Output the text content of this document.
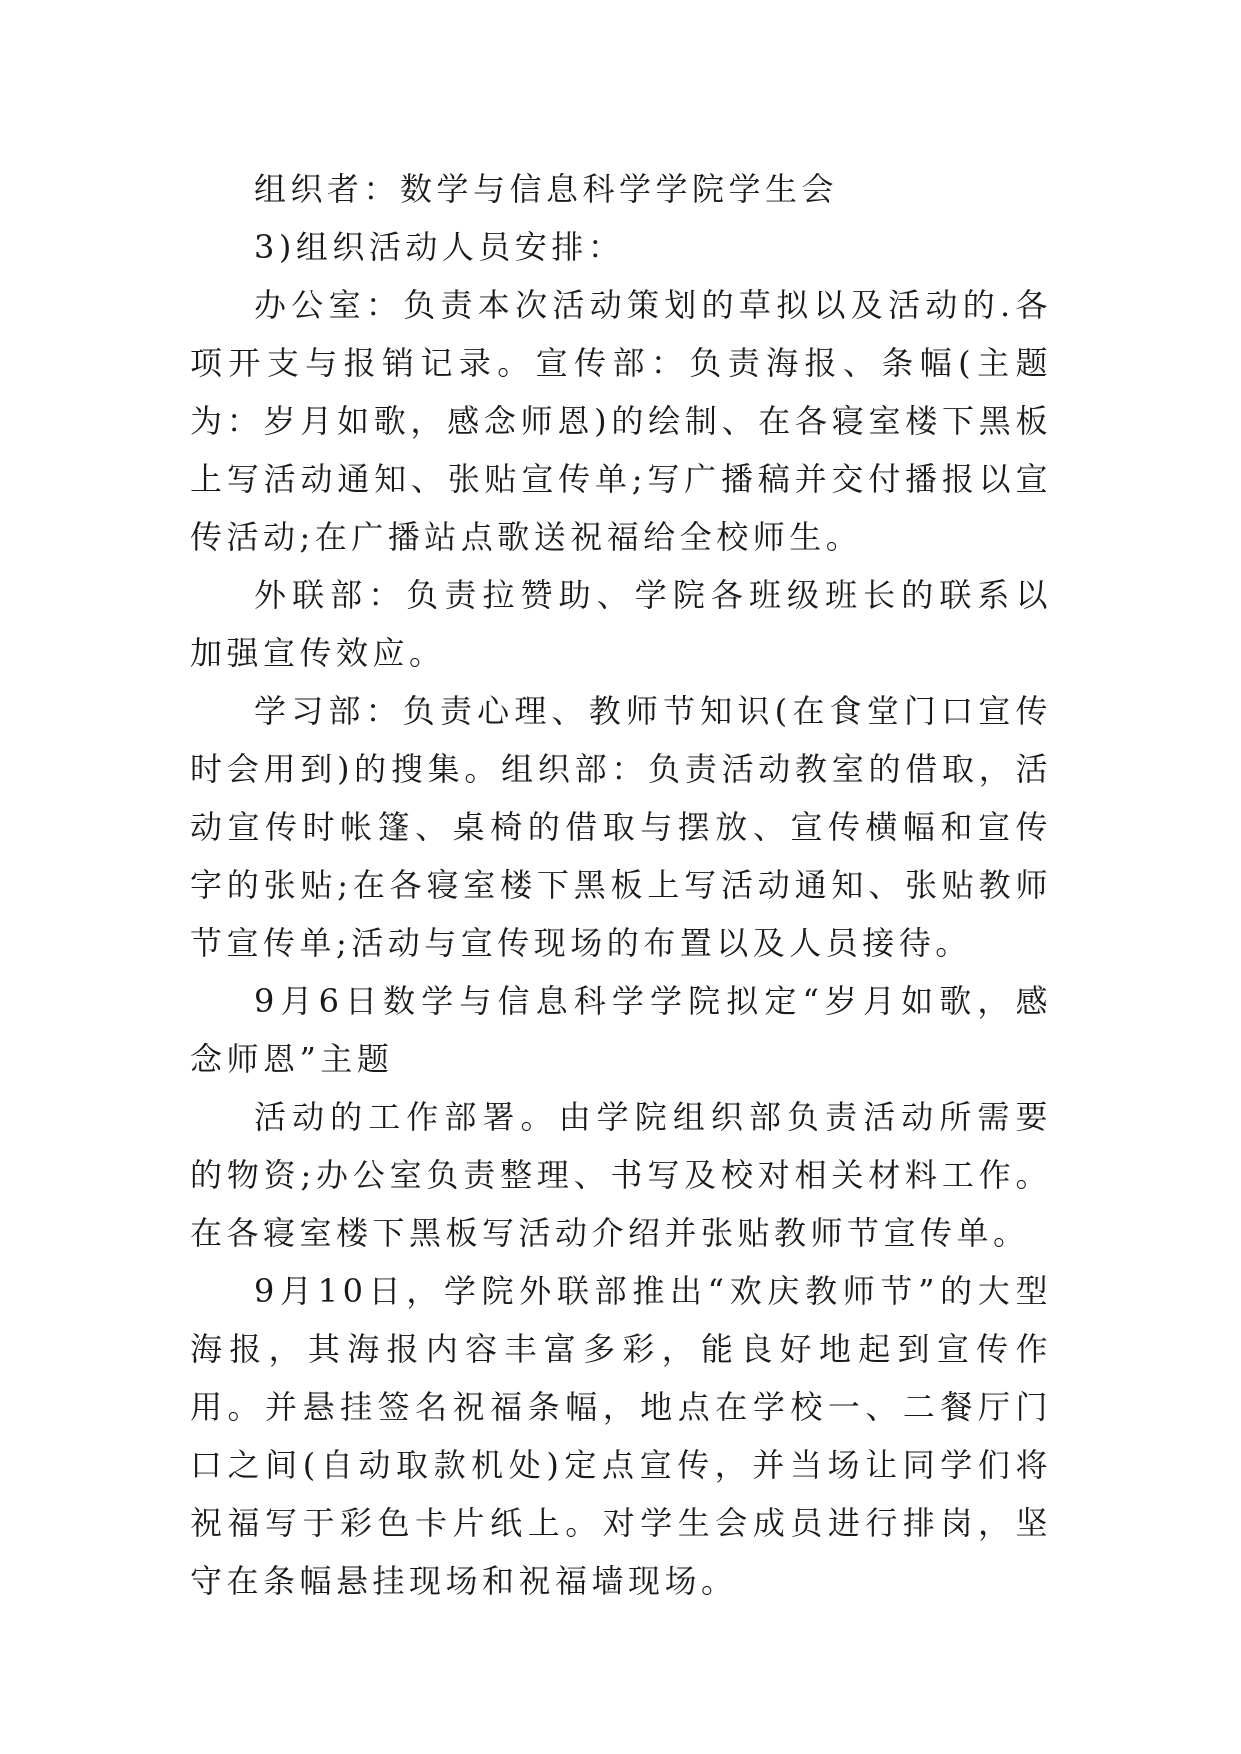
组织者：数学与信息科学学院学生会

3)组织活动人员安排：

办公室：负责本次活动策划的草拟以及活动的.各项开支与报销记录。宣传部：负责海报、条幅(主题为：岁月如歌，感念师恩)的绘制、在各寝室楼下黑板上写活动通知、张贴宣传单;写广播稿并交付播报以宣传活动;在广播站点歌送祝福给全校师生。

外联部：负责拉赞助、学院各班级班长的联系以加强宣传效应。

学习部：负责心理、教师节知识(在食堂门口宣传时会用到)的搜集。组织部：负责活动教室的借取，活动宣传时帐篷、桌椅的借取与摆放、宣传横幅和宣传字的张贴;在各寝室楼下黑板上写活动通知、张贴教师节宣传单;活动与宣传现场的布置以及人员接待。

9月6日数学与信息科学学院拟定“岁月如歌，感念师恩”主题

活动的工作部署。由学院组织部负责活动所需要的物资;办公室负责整理、书写及校对相关材料工作。在各寝室楼下黑板写活动介绍并张贴教师节宣传单。

9月10日，学院外联部推出“欢庆教师节”的大型海报，其海报内容丰富多彩，能良好地起到宣传作用。并悬挂签名祝福条幅，地点在学校一、二餐厅门口之间(自动取款机处)定点宣传，并当场让同学们将祝福写于彩色卡片纸上。对学生会成员进行排岗，坚守在条幅悬挂现场和祝福墙现场。
